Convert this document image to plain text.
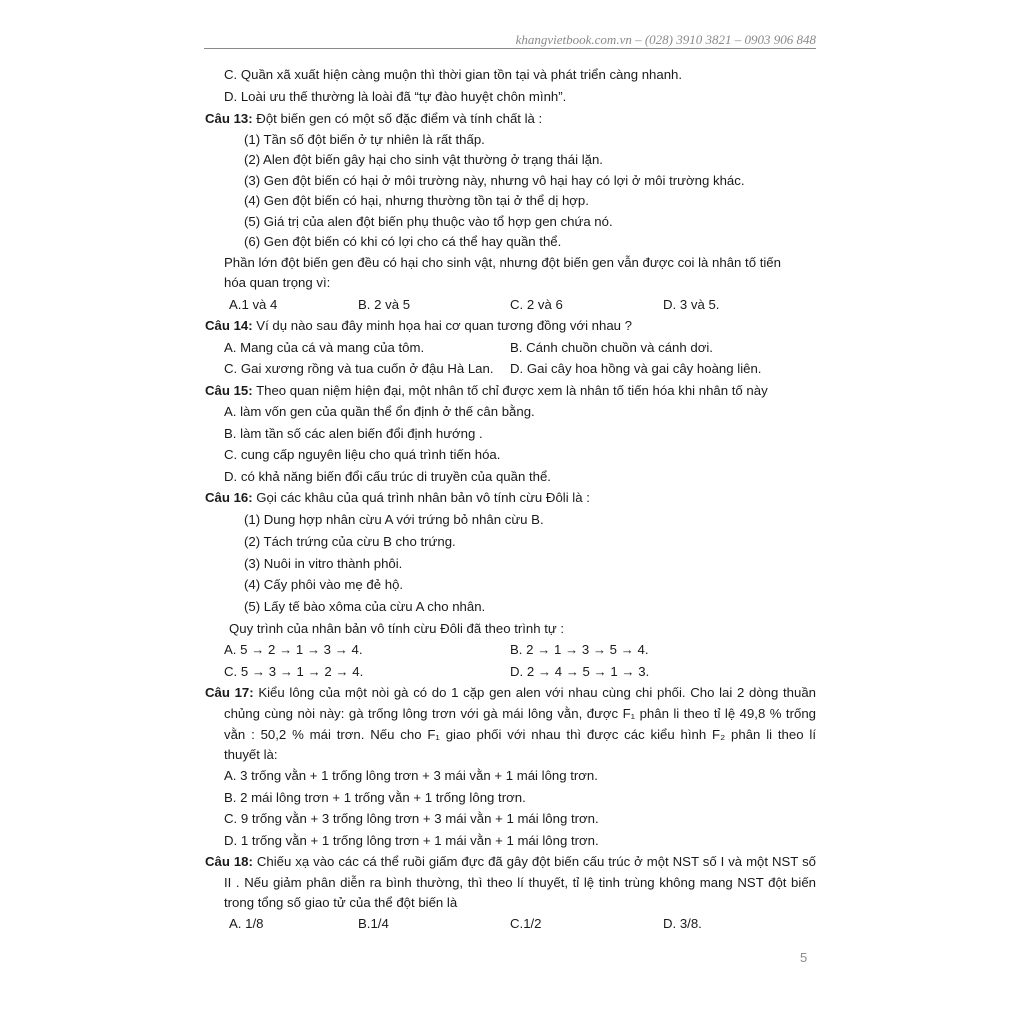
khangvietbook.com.vn – (028) 3910 3821 – 0903 906 848
C. Quần xã xuất hiện càng muộn thì thời gian tồn tại và phát triển càng nhanh.
D. Loài ưu thế thường là loài đã “tự đào huyệt chôn mình”.
Câu 13: Đột biến gen có một số đặc điểm và tính chất là :
(1) Tần số đột biến ở tự nhiên là rất thấp.
(2) Alen đột biến gây hại cho sinh vật thường ở trạng thái lặn.
(3) Gen đột biến có hại ở môi trường này, nhưng vô hại hay có lợi ở môi trường khác.
(4) Gen đột biến có hại, nhưng thường tồn tại ở thể dị hợp.
(5) Giá trị của alen đột biến phụ thuộc vào tổ hợp gen chứa nó.
(6) Gen đột biến có khi có lợi cho cá thể hay quần thể.
Phần lớn đột biến gen đều có hại cho sinh vật, nhưng đột biến gen vẫn được coi là nhân tố tiến
hóa quan trọng vì:
A.1 và 4	B. 2 và 5	C. 2 và 6	D. 3 và 5.
Câu 14: Ví dụ nào sau đây minh họa hai cơ quan tương đồng với nhau ?
A. Mang của cá và mang của tôm.	B. Cánh chuồn chuồn và cánh dơi.
C. Gai xương rồng và tua cuốn ở đậu Hà Lan. D. Gai cây hoa hồng và gai cây hoàng liên.
Câu 15: Theo quan niệm hiện đại, một nhân tố chỉ được xem là nhân tố tiến hóa khi nhân tố này
A. làm vốn gen của quần thể ổn định ở thế cân bằng.
B. làm tần số các alen biến đổi định hướng .
C. cung cấp nguyên liệu cho quá trình tiến hóa.
D. có khả năng biến đổi cấu trúc di truyền của quần thể.
Câu 16: Gọi các khâu của quá trình nhân bản vô tính cừu Đôli là :
(1) Dung hợp nhân cừu A với trứng bỏ nhân cừu B.
(2) Tách trứng của cừu B cho trứng.
(3) Nuôi in vitro thành phôi.
(4) Cấy phôi vào mẹ đẻ hộ.
(5) Lấy tế bào xôma của cừu A cho nhân.
Quy trình của nhân bản vô tính cừu Đôli đã theo trình tự :
A. 5 → 2 → 1 → 3 → 4.	B. 2 → 1 → 3 → 5 → 4.
C. 5 → 3 → 1 → 2 → 4.	D. 2 → 4 → 5 → 1 → 3.
Câu 17: Kiểu lông của một nòi gà có do 1 cặp gen alen với nhau cùng chi phối. Cho lai 2 dòng thuần
chủng cùng nòi này: gà trống lông trơn với gà mái lông vằn, được F₁ phân li theo tỉ lệ 49,8 % trống
vằn : 50,2 % mái trơn. Nếu cho F₁ giao phối với nhau thì được các kiểu hình F₂ phân li theo lí
thuyết là:
A. 3 trống vằn + 1 trống lông trơn + 3 mái vằn + 1 mái lông trơn.
B. 2 mái lông trơn + 1 trống vằn + 1 trống lông trơn.
C. 9 trống vằn + 3 trống lông trơn + 3 mái vằn + 1 mái lông trơn.
D. 1 trống vằn + 1 trống lông trơn + 1 mái vằn + 1 mái lông trơn.
Câu 18: Chiếu xạ vào các cá thể ruồi giấm đực đã gây đột biến cấu trúc ở một NST số I và một NST số
II . Nếu giảm phân diễn ra bình thường, thì theo lí thuyết, tỉ lệ tinh trùng không mang NST đột biến
trong tổng số giao tử của thể đột biến là
A. 1/8	B.1/4	C.1/2	D. 3/8.
5
